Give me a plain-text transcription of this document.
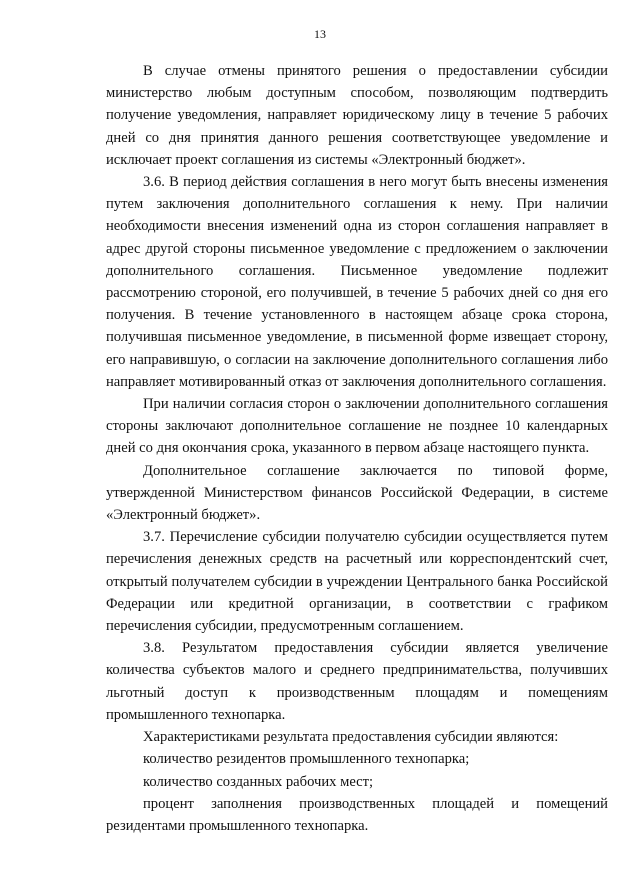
13

В случае отмены принятого решения о предоставлении субсидии министерство любым доступным способом, позволяющим подтвердить получение уведомления, направляет юридическому лицу в течение 5 рабочих дней со дня принятия данного решения соответствующее уведомление и исключает проект соглашения из системы «Электронный бюджет».

3.6. В период действия соглашения в него могут быть внесены изменения путем заключения дополнительного соглашения к нему. При наличии необходимости внесения изменений одна из сторон соглашения направляет в адрес другой стороны письменное уведомление с предложением о заключении дополнительного соглашения. Письменное уведомление подлежит рассмотрению стороной, его получившей, в течение 5 рабочих дней со дня его получения. В течение установленного в настоящем абзаце срока сторона, получившая письменное уведомление, в письменной форме извещает сторону, его направившую, о согласии на заключение дополнительного соглашения либо направляет мотивированный отказ от заключения дополнительного соглашения.

При наличии согласия сторон о заключении дополнительного соглашения стороны заключают дополнительное соглашение не позднее 10 календарных дней со дня окончания срока, указанного в первом абзаце настоящего пункта.

Дополнительное соглашение заключается по типовой форме, утвержденной Министерством финансов Российской Федерации, в системе «Электронный бюджет».

3.7. Перечисление субсидии получателю субсидии осуществляется путем перечисления денежных средств на расчетный или корреспондентский счет, открытый получателем субсидии в учреждении Центрального банка Российской Федерации или кредитной организации, в соответствии с графиком перечисления субсидии, предусмотренным соглашением.

3.8. Результатом предоставления субсидии является увеличение количества субъектов малого и среднего предпринимательства, получивших льготный доступ к производственным площадям и помещениям промышленного технопарка.

Характеристиками результата предоставления субсидии являются:

количество резидентов промышленного технопарка;

количество созданных рабочих мест;

процент заполнения производственных площадей и помещений резидентами промышленного технопарка.
